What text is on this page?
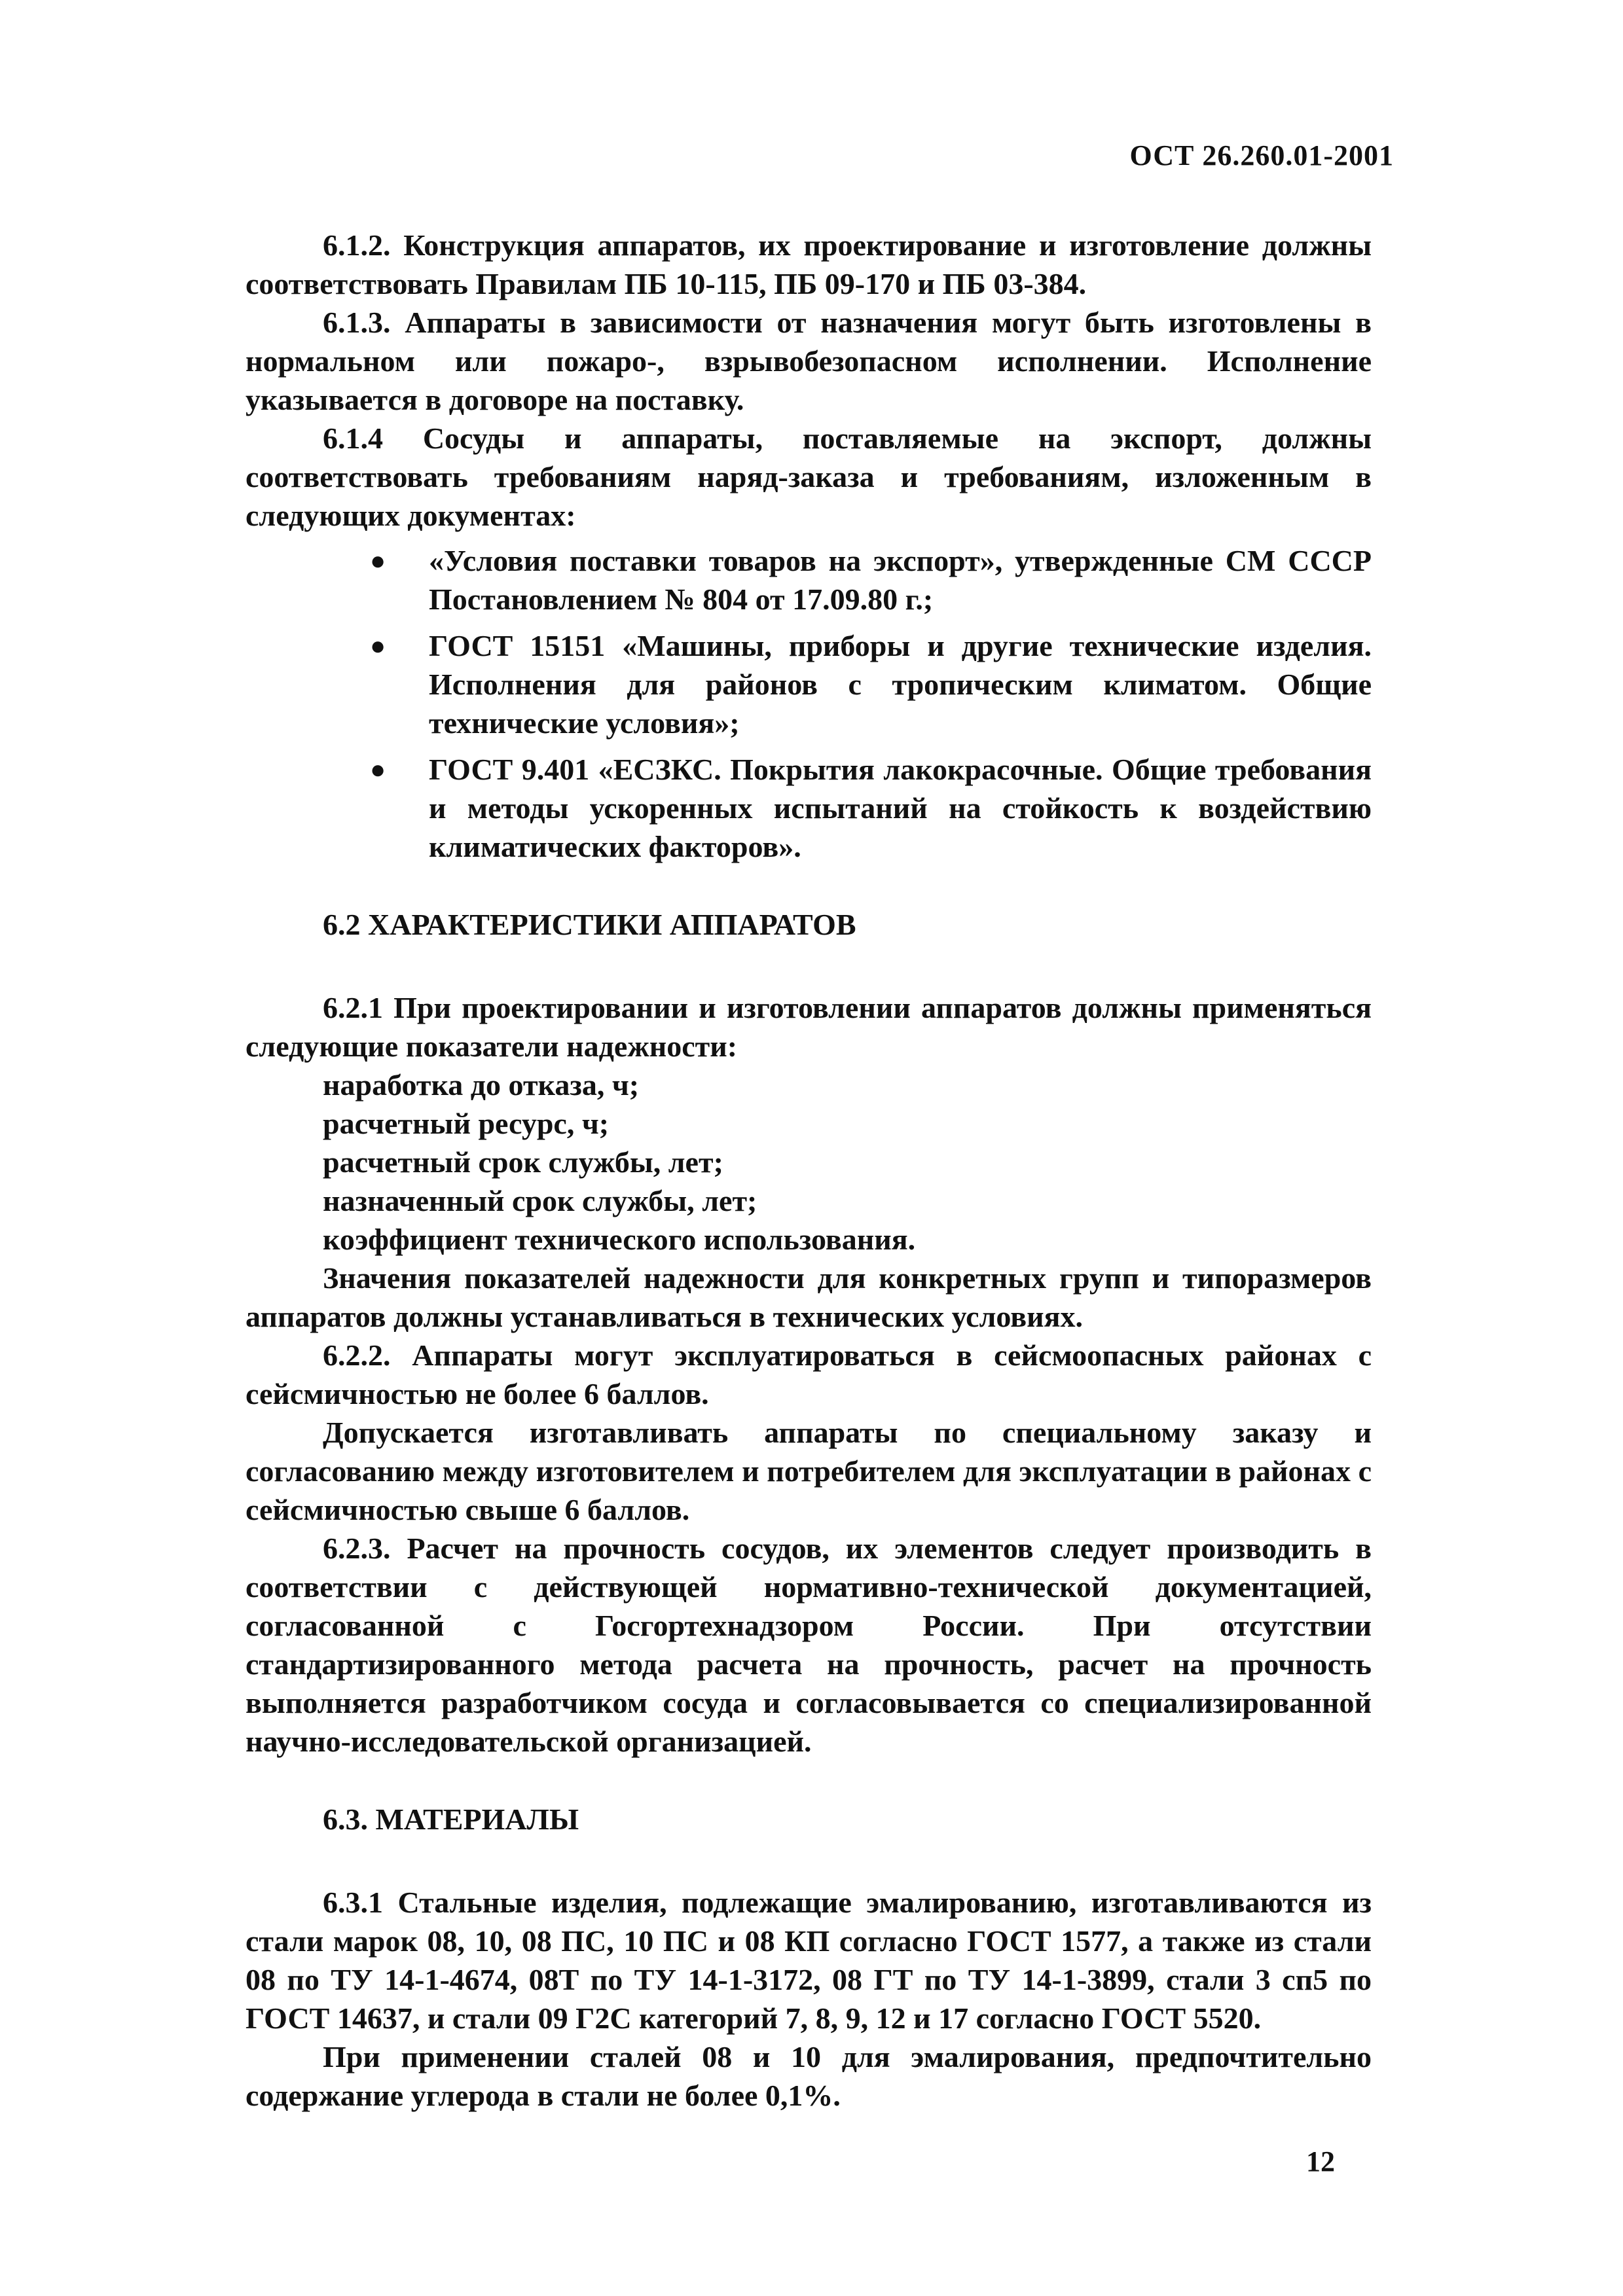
ОСТ 26.260.01-2001

6.1.2. Конструкция аппаратов, их проектирование и изготовление должны соответствовать Правилам ПБ 10-115, ПБ 09-170 и ПБ 03-384.

6.1.3. Аппараты в зависимости от назначения могут быть изготовлены в нормальном или пожаро-, взрывобезопасном исполнении. Исполнение указывается в договоре на поставку.

6.1.4 Сосуды и аппараты, поставляемые на экспорт, должны соответствовать требованиям наряд-заказа и требованиям, изложенным в следующих документах:

● «Условия поставки товаров на экспорт», утвержденные СМ СССР Постановлением № 804 от 17.09.80 г.;
● ГОСТ 15151 «Машины, приборы и другие технические изделия. Исполнения для районов с тропическим климатом. Общие технические условия»;
● ГОСТ 9.401 «ЕСЗКС. Покрытия лакокрасочные. Общие требования и методы ускоренных испытаний на стойкость к воздействию климатических факторов».
6.2 ХАРАКТЕРИСТИКИ АППАРАТОВ

6.2.1 При проектировании и изготовлении аппаратов должны применяться следующие показатели надежности:

наработка до отказа, ч;
расчетный ресурс, ч;
расчетный срок службы, лет;
назначенный срок службы, лет;
коэффициент технического использования.

Значения показателей надежности для конкретных групп и типоразмеров аппаратов должны устанавливаться в технических условиях.

6.2.2. Аппараты могут эксплуатироваться в сейсмоопасных районах с сейсмичностью не более 6 баллов.

Допускается изготавливать аппараты по специальному заказу и согласованию между изготовителем и потребителем для эксплуатации в районах с сейсмичностью свыше 6 баллов.

6.2.3. Расчет на прочность сосудов, их элементов следует производить в соответствии с действующей нормативно-технической документацией, согласованной с Госгортехнадзором России. При отсутствии стандартизированного метода расчета на прочность, расчет на прочность выполняется разработчиком сосуда и согласовывается со специализированной научно-исследовательской организацией.

6.3. МАТЕРИАЛЫ

6.3.1 Стальные изделия, подлежащие эмалированию, изготавливаются из стали марок 08, 10, 08 ПС, 10 ПС и 08 КП согласно ГОСТ 1577, а также из стали 08 по ТУ 14-1-4674, 08Т по ТУ 14-1-3172, 08 ГТ по ТУ 14-1-3899, стали 3 сп5 по ГОСТ 14637, и стали 09 Г2С категорий 7, 8, 9, 12 и 17 согласно ГОСТ 5520.

При применении сталей 08 и 10 для эмалирования, предпочтительно содержание углерода в стали не более 0,1%.

12
